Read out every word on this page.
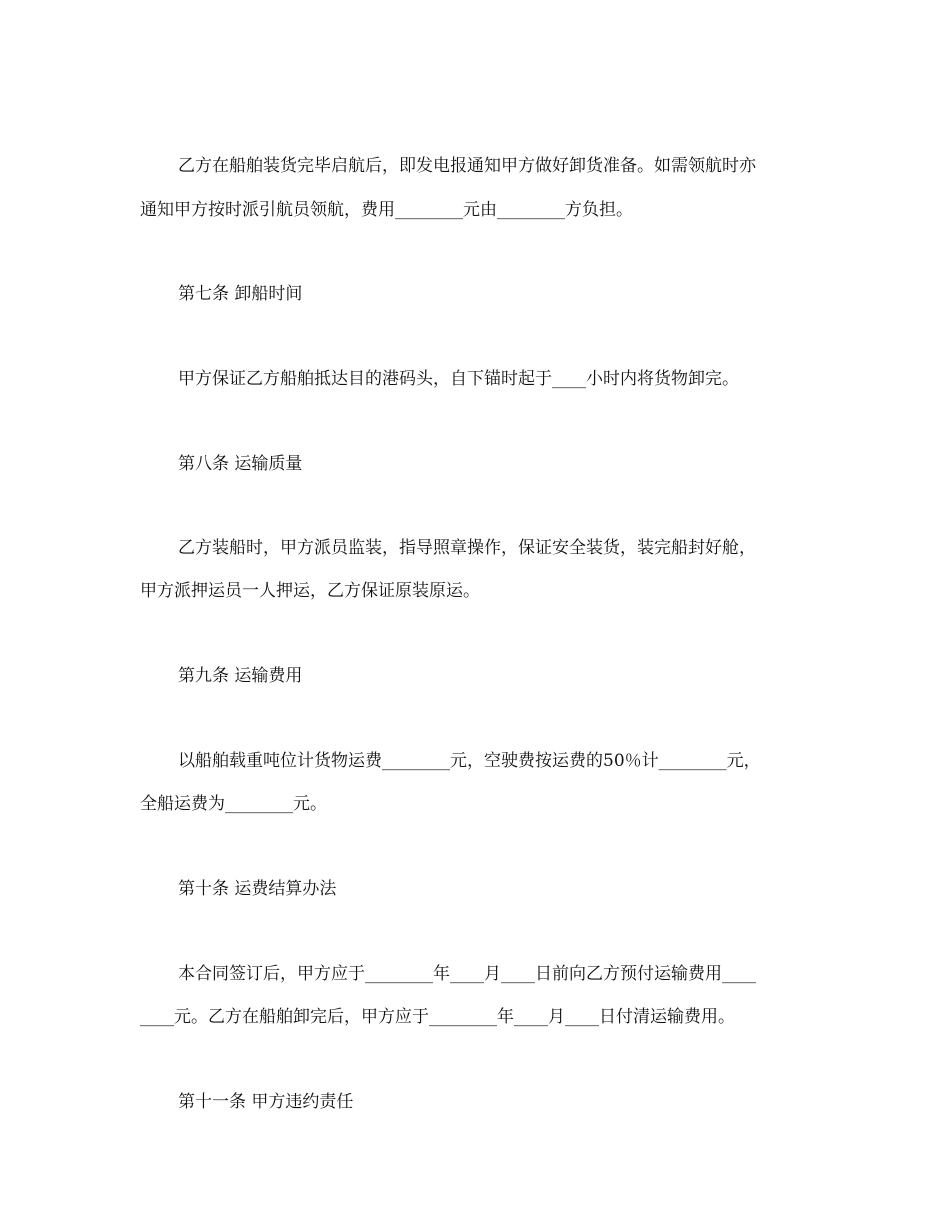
乙方在船舶装货完毕启航后，即发电报通知甲方做好卸货准备。如需领航时亦
通知甲方按时派引航员领航，费用________元由________方负担。
第七条 卸船时间
甲方保证乙方船舶抵达目的港码头，自下锚时起于____小时内将货物卸完。
第八条 运输质量
乙方装船时，甲方派员监装，指导照章操作，保证安全装货，装完船封好舱，
甲方派押运员一人押运，乙方保证原装原运。
第九条 运输费用
以船舶载重吨位计货物运费________元，空驶费按运费的50％计________元，
全船运费为________元。
第十条 运费结算办法
本合同签订后，甲方应于________年____月____日前向乙方预付运输费用____
____元。乙方在船舶卸完后，甲方应于________年____月____日付清运输费用。
第十一条 甲方违约责任
